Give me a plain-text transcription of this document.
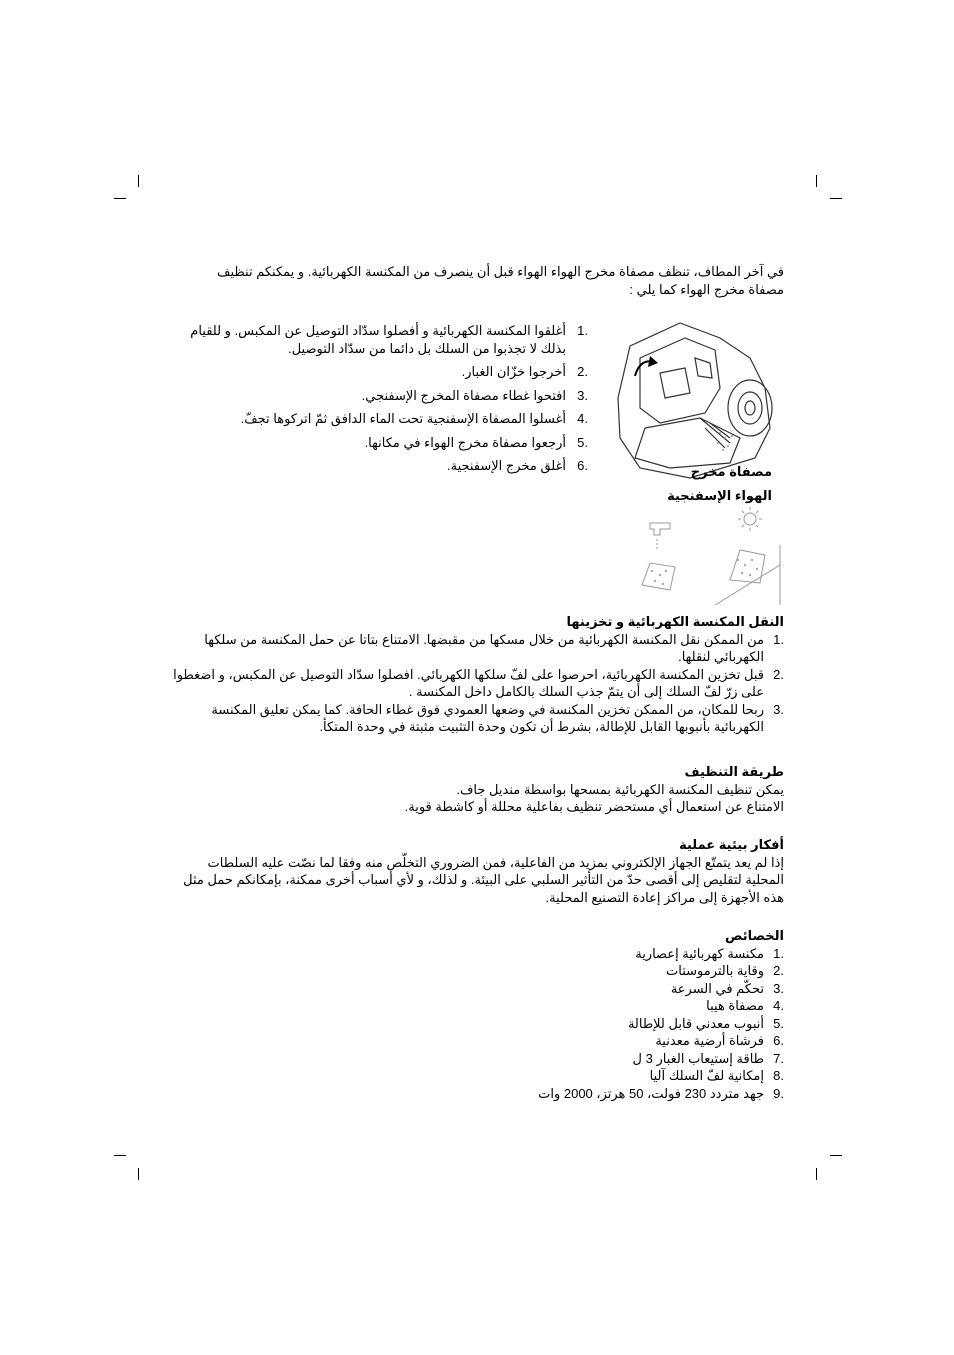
في آخر المطاف، تنظف مصفاة مخرج الهواء الهواء قبل أن ينصرف من المكنسة الكهربائية. و يمكنكم تنظيف مصفاة مخرج الهواء كما يلي :
.1
أغلقوا المكنسة الكهربائية و أفصلوا سدّاد التوصيل عن المكبس. و للقيام بذلك لا تجذبوا من السلك بل دائما من سدّاد التوصيل.
.2
أخرجوا خزّان الغبار.
.3
افتحوا غطاء مصفاة المخرج الإسفنجي.
.4
أغسلوا المصفاة الإسفنجية تحت الماء الدافق ثمّ اتركوها تجفّ.
.5
أرجعوا مصفاة مخرج الهواء في مكانها.
.6
أغلق مخرج الإسفنجية.	مصفاة مخرج
الهواء الإسفنجية
النقل المكنسة الكهربائية و تخزينها
.1
من الممكن نقل المكنسة الكهربائية من خلال مسكها من مقبضها. الامتناع بتاتا عن حمل المكنسة من سلكها الكهربائي لنقلها.
.2
قبل تخزين المكنسة الكهربائية، احرصوا على لفّ سلكها الكهربائي. افصلوا سدّاد التوصيل عن المكبس، و اضغطوا على زرّ لفّ السلك إلى أن يتمّ جذب السلك بالكامل داخل المكنسة .
.3
ربحا للمكان، من الممكن تخزين المكنسة في وضعها العمودي فوق غطاء الحافة. كما يمكن تعليق المكنسة الكهربائية بأنبوبها القابل للإطالة، بشرط أن تكون وحدة التثبيت مثبتة في وحدة المتكأ.
طريقة التنظيف

يمكن تنظيف المكنسة الكهربائية بمسحها بواسطة منديل جاف.

الامتناع عن استعمال أي مستحضر تنظيف بفاعلية محللة أو كاشطة قوية.

أفكار بيئية عملية

إذا لم يعد يتمتّع الجهاز الإلكتروني بمزيد من الفاعلية، فمن الضروري التخلّص منه وفقا لما نصّت عليه السلطات المحلية لتقليص إلى أقصى حدّ من التأثير السلبي على البيئة. و لذلك، و لأي أسباب أخرى ممكنة، بإمكانكم حمل مثل هذه الأجهزة إلى مراكز إعادة التصنيع المحلية.

الخصائص
.1
مكنسة كهربائية إعصارية
.2
وقاية بالترموستات
.3
تحكّم في السرعة
.4
مصفاة هيبا
.5
أنبوب معدني قابل للإطالة
.6
فرشاة أرضية معدنية
.7
طاقة إستيعاب الغبار 3 ل
.8
إمكانية لفّ السلك آليا
.9
جهد متردد 230 فولت، 50 هرتز، 2000 وات
